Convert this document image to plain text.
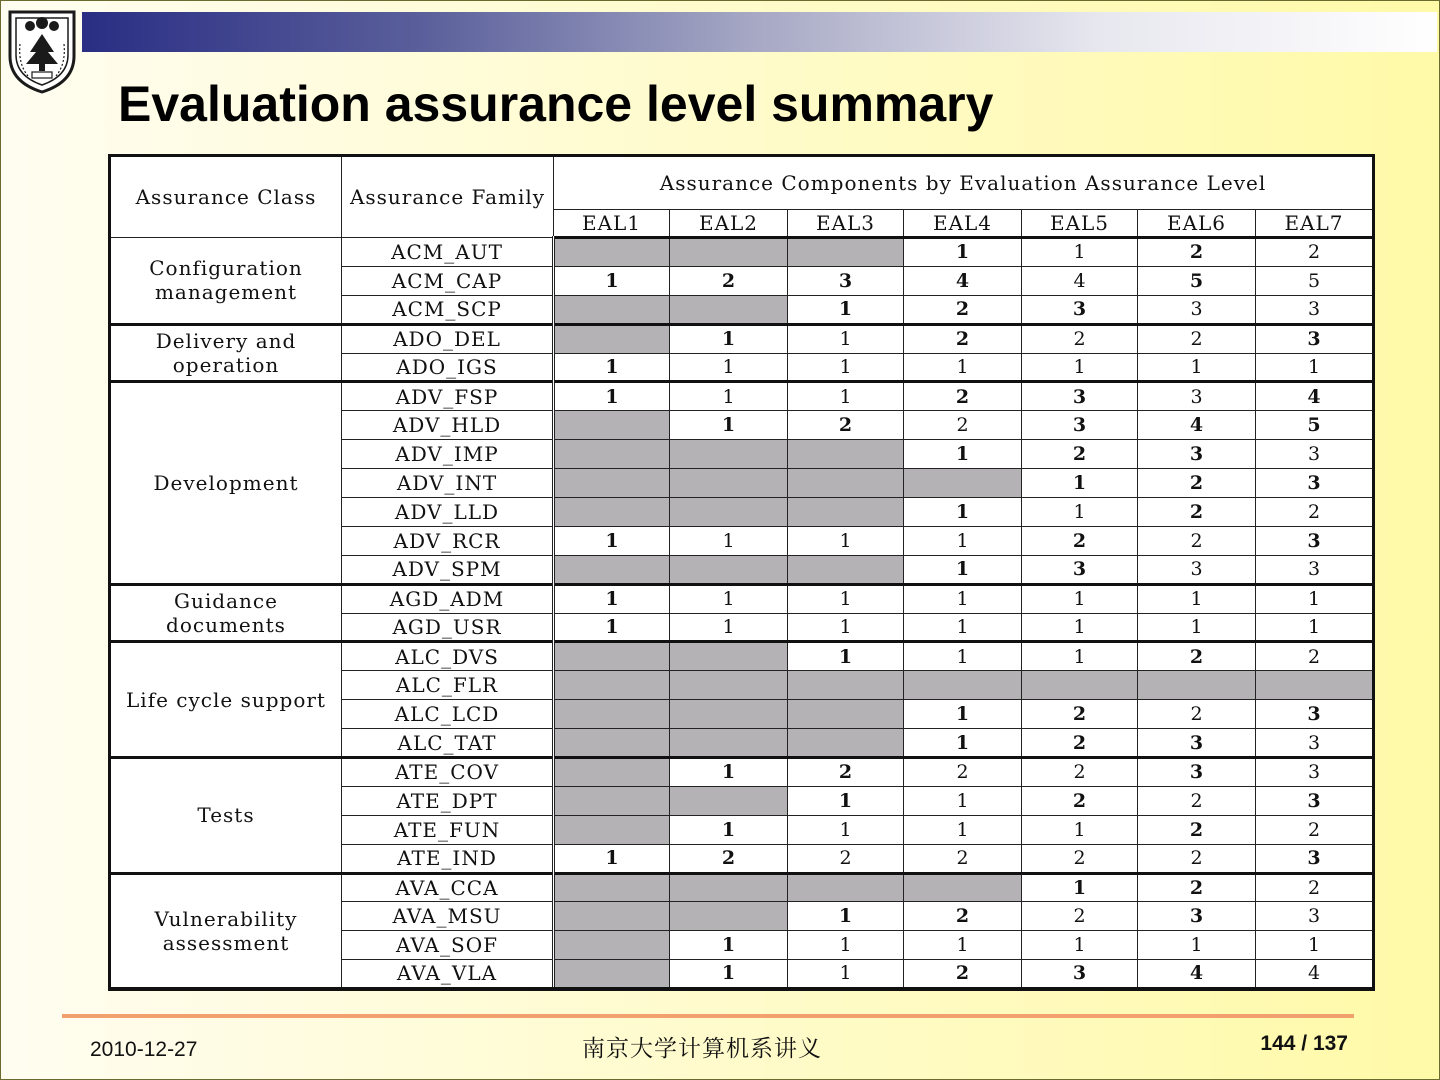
Evaluation assurance level summary
Assurance Class	Assurance Family	Assurance Components by Evaluation Assurance Level						
		EAL1	EAL2	EAL3	EAL4	EAL5	EAL6	EAL7
Configuration management	ACM_AUT				1	1	2	2
	ACM_CAP	1	2	3	4	4	5	5
	ACM_SCP			1	2	3	3	3
Delivery and operation	ADO_DEL		1	1	2	2	2	3
	ADO_IGS	1	1	1	1	1	1	1
Development	ADV_FSP	1	1	1	2	3	3	4
	ADV_HLD		1	2	2	3	4	5
	ADV_IMP				1	2	3	3
	ADV_INT					1	2	3
	ADV_LLD				1	1	2	2
	ADV_RCR	1	1	1	1	2	2	3
	ADV_SPM				1	3	3	3
Guidance documents	AGD_ADM	1	1	1	1	1	1	1
	AGD_USR	1	1	1	1	1	1	1
Life cycle support	ALC_DVS			1	1	1	2	2
	ALC_FLR							
	ALC_LCD				1	2	2	3
	ALC_TAT				1	2	3	3
Tests	ATE_COV		1	2	2	2	3	3
	ATE_DPT			1	1	2	2	3
	ATE_FUN		1	1	1	1	2	2
	ATE_IND	1	2	2	2	2	2	3
Vulnerability assessment	AVA_CCA					1	2	2
	AVA_MSU			1	2	2	3	3
	AVA_SOF		1	1	1	1	1	1
	AVA_VLA		1	1	2	3	4	4
2010-12-27	南京大学计算机系讲义	144 / 137
